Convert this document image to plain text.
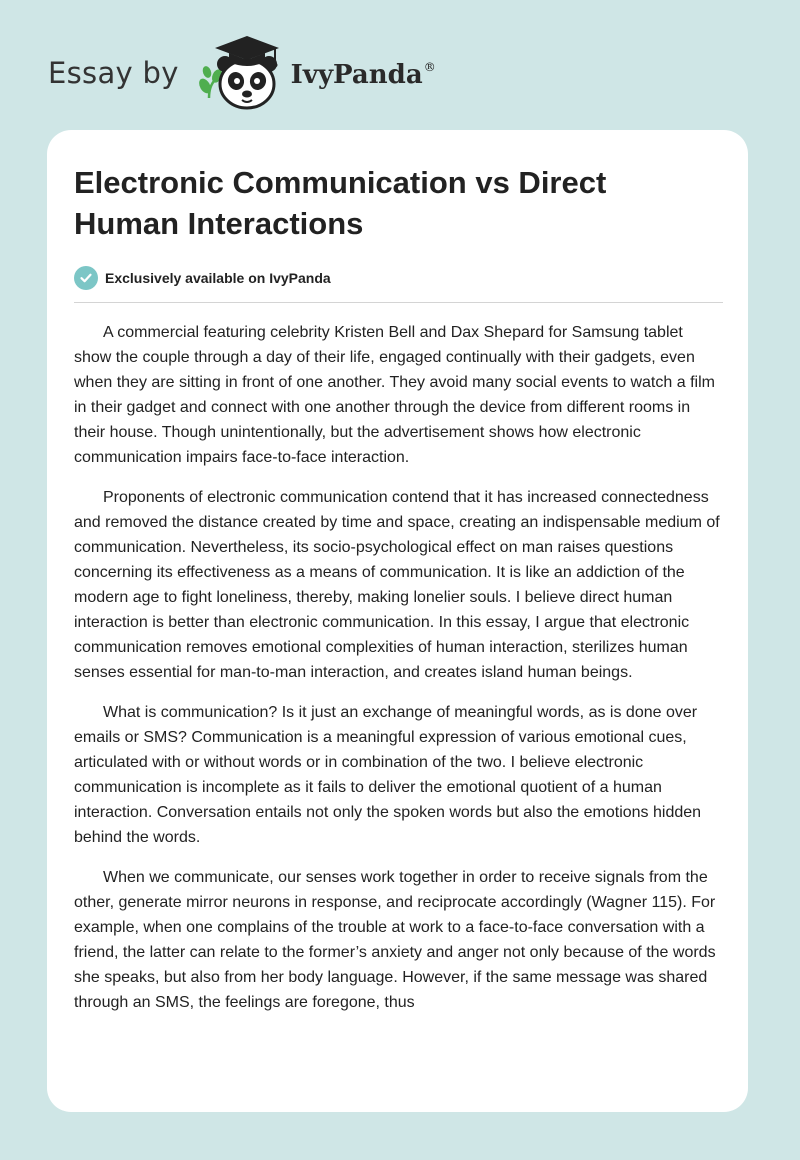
Essay by	IvyPanda®
Electronic Communication vs Direct Human Interactions
Exclusively available on IvyPanda

A commercial featuring celebrity Kristen Bell and Dax Shepard for Samsung tablet show the couple through a day of their life, engaged continually with their gadgets, even when they are sitting in front of one another. They avoid many social events to watch a film in their gadget and connect with one another through the device from different rooms in their house. Though unintentionally, but the advertisement shows how electronic communication impairs face-to-face interaction.

Proponents of electronic communication contend that it has increased connectedness and removed the distance created by time and space, creating an indispensable medium of communication. Nevertheless, its socio-psychological effect on man raises questions concerning its effectiveness as a means of communication. It is like an addiction of the modern age to fight loneliness, thereby, making lonelier souls. I believe direct human interaction is better than electronic communication. In this essay, I argue that electronic communication removes emotional complexities of human interaction, sterilizes human senses essential for man-to-man interaction, and creates island human beings.

What is communication? Is it just an exchange of meaningful words, as is done over emails or SMS? Communication is a meaningful expression of various emotional cues, articulated with or without words or in combination of the two. I believe electronic communication is incomplete as it fails to deliver the emotional quotient of a human interaction. Conversation entails not only the spoken words but also the emotions hidden behind the words.

When we communicate, our senses work together in order to receive signals from the other, generate mirror neurons in response, and reciprocate accordingly (Wagner 115). For example, when one complains of the trouble at work to a face-to-face conversation with a friend, the latter can relate to the former’s anxiety and anger not only because of the words she speaks, but also from her body language. However, if the same message was shared through an SMS, the feelings are foregone, thus
